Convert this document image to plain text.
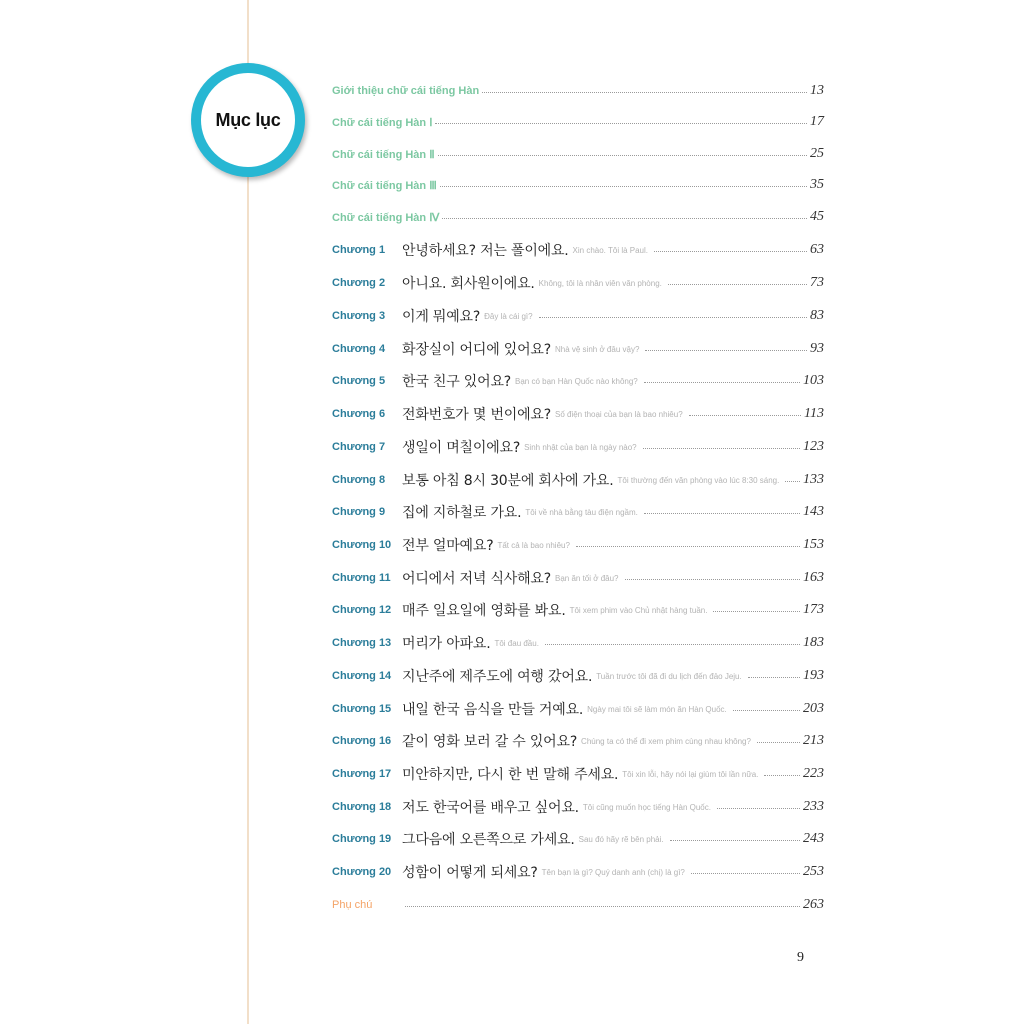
Mục lục
Giới thiệu chữ cái tiếng Hàn	13
Chữ cái tiếng Hàn Ⅰ	17
Chữ cái tiếng Hàn Ⅱ	25
Chữ cái tiếng Hàn Ⅲ	35
Chữ cái tiếng Hàn Ⅳ	45
Chương 1	안녕하세요? 저는 폴이에요. Xin chào. Tôi là Paul.	63
Chương 2	아니요. 회사원이에요. Không, tôi là nhân viên văn phòng.	73
Chương 3	이게 뭐예요? Đây là cái gì?	83
Chương 4	화장실이 어디에 있어요? Nhà vệ sinh ở đâu vậy?	93
Chương 5	한국 친구 있어요? Bạn có bạn Hàn Quốc nào không?	103
Chương 6	전화번호가 몇 번이에요? Số điện thoại của bạn là bao nhiêu?	113
Chương 7	생일이 며칠이에요? Sinh nhật của bạn là ngày nào?	123
Chương 8	보통 아침 8시 30분에 회사에 가요. Tôi thường đến văn phòng vào lúc 8:30 sáng. 133
Chương 9	집에 지하철로 가요. Tôi về nhà bằng tàu điện ngầm.	143
Chương 10 전부 얼마예요? Tất cả là bao nhiêu?	153
Chương 11 어디에서 저녁 식사해요? Bạn ăn tối ở đâu?	163
Chương 12 매주 일요일에 영화를 봐요. Tôi xem phim vào Chủ nhật hàng tuần.	173
Chương 13 머리가 아파요. Tôi đau đầu.	183
Chương 14 지난주에 제주도에 여행 갔어요. Tuần trước tôi đã đi du lịch đến đảo Jeju.	193
Chương 15 내일 한국 음식을 만들 거예요. Ngày mai tôi sẽ làm món ăn Hàn Quốc.	203
Chương 16 같이 영화 보러 갈 수 있어요? Chúng ta có thể đi xem phim cùng nhau không?	213
Chương 17 미안하지만, 다시 한 번 말해 주세요. Tôi xin lỗi, hãy nói lại giùm tôi lần nữa.	223
Chương 18 저도 한국어를 배우고 싶어요. Tôi cũng muốn học tiếng Hàn Quốc.	233
Chương 19 그다음에 오른쪽으로 가세요. Sau đó hãy rẽ bên phải.	243
Chương 20 성함이 어떻게 되세요? Tên bạn là gì? Quý danh anh (chị) là gì?	253
Phụ chú	263
9
